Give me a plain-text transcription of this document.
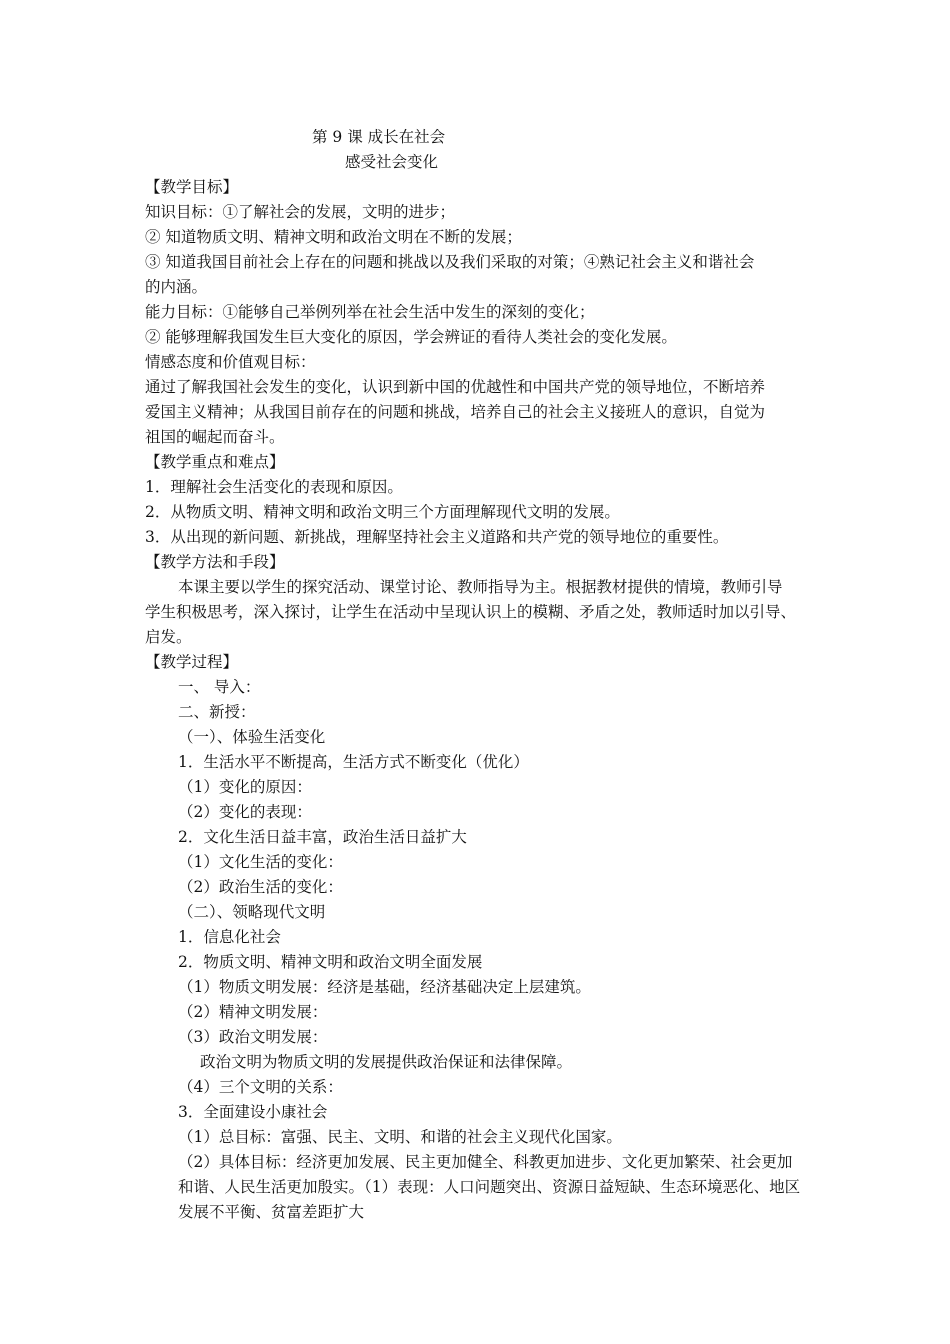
第 9 课 成长在社会
感受社会变化
【教学目标】
知识目标：①了解社会的发展，文明的进步；
② 知道物质文明、精神文明和政治文明在不断的发展；
③ 知道我国目前社会上存在的问题和挑战以及我们采取的对策；④熟记社会主义和谐社会
的内涵。
能力目标：①能够自己举例列举在社会生活中发生的深刻的变化；
② 能够理解我国发生巨大变化的原因，学会辨证的看待人类社会的变化发展。
情感态度和价值观目标：
通过了解我国社会发生的变化，认识到新中国的优越性和中国共产党的领导地位，不断培养
爱国主义精神；从我国目前存在的问题和挑战，培养自己的社会主义接班人的意识，自觉为
祖国的崛起而奋斗。
【教学重点和难点】
1．理解社会生活变化的表现和原因。
2．从物质文明、精神文明和政治文明三个方面理解现代文明的发展。
3．从出现的新问题、新挑战，理解坚持社会主义道路和共产党的领导地位的重要性。
【教学方法和手段】
本课主要以学生的探究活动、课堂讨论、教师指导为主。根据教材提供的情境，教师引导
学生积极思考，深入探讨，让学生在活动中呈现认识上的模糊、矛盾之处，教师适时加以引导、
启发。
【教学过程】
一、 导入：
二、新授：
（一）、体验生活变化
1．生活水平不断提高，生活方式不断变化（优化）
（1）变化的原因：
（2）变化的表现：
2．文化生活日益丰富，政治生活日益扩大
（1）文化生活的变化：
（2）政治生活的变化：
（二）、领略现代文明
1．信息化社会
2．物质文明、精神文明和政治文明全面发展
（1）物质文明发展：经济是基础，经济基础决定上层建筑。
（2）精神文明发展：
（3）政治文明发展：
政治文明为物质文明的发展提供政治保证和法律保障。
（4）三个文明的关系：
3．全面建设小康社会
（1）总目标：富强、民主、文明、和谐的社会主义现代化国家。
（2）具体目标：经济更加发展、民主更加健全、科教更加进步、文化更加繁荣、社会更加
和谐、人民生活更加殷实。（1）表现：人口问题突出、资源日益短缺、生态环境恶化、地区
发展不平衡、贫富差距扩大
